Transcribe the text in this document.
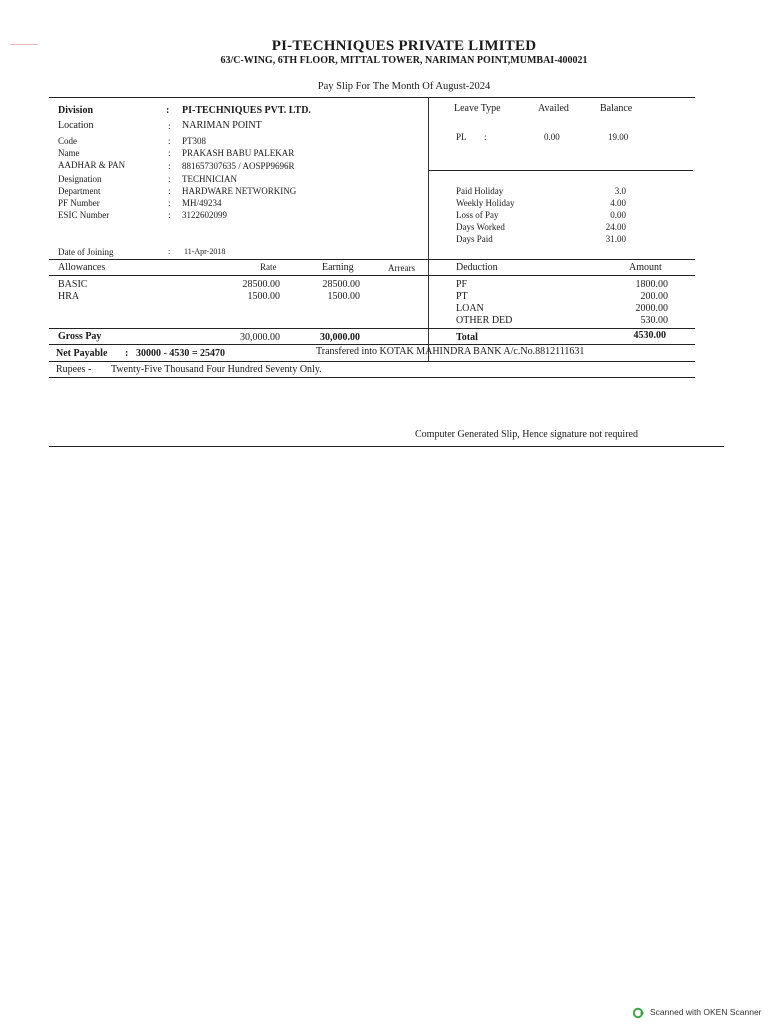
PI-TECHNIQUES PRIVATE LIMITED
63/C-WING, 6TH FLOOR, MITTAL TOWER, NARIMAN POINT,MUMBAI-400021
Pay Slip For The Month Of August-2024
Division	: PI-TECHNIQUES PVT. LTD.
Location	: NARIMAN POINT
Code	: PT308
Name	: PRAKASH BABU PALEKAR
AADHAR & PAN	: 881657307635 / AOSPP9696R
Designation	: TECHNICIAN
Department	: HARDWARE NETWORKING
PF Number	: MH/49234
ESIC Number	: 3122602099
Date of Joining	: 11-Apr-2018
Leave Type	Availed	Balance
PL :	0.00	19.00
Paid Holiday	3.0
Weekly Holiday	4.00
Loss of Pay	0.00
Days Worked	24.00
Days Paid	31.00
Allowances	Rate	Earning	Arrears	Deduction	Amount
BASIC	28500.00	28500.00
HRA	1500.00	1500.00
PF	1800.00
PT	200.00
LOAN	2000.00
OTHER DED	530.00
Gross Pay	30,000.00	30,000.00	Total	4530.00
Net Payable : 30000 - 4530 = 25470	Transfered into KOTAK MAHINDRA BANK A/c.No.8812111631
Rupees - Twenty-Five Thousand Four Hundred Seventy Only.
Computer Generated Slip, Hence signature not required
Scanned with OKEN Scanner
